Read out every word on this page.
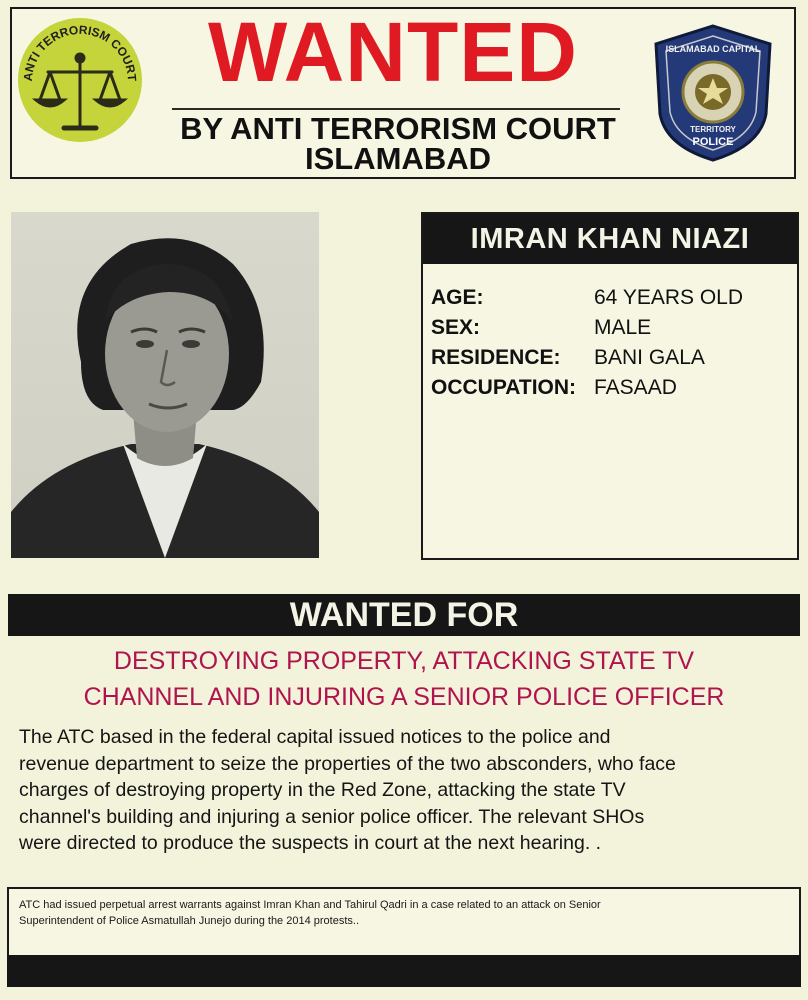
ANTI TERRORISM COURT WANTED
BY ANTI TERRORISM COURT
ISLAMABAD
ISLAMABAD CAPITAL
TERRITORY
POLICE
IMRAN KHAN NIAZI
AGE:	64 YEARS OLD
SEX:	MALE
RESIDENCE: BANI GALA
OCCUPATION: FASAAD
WANTED FOR
DESTROYING PROPERTY, ATTACKING STATE TV
CHANNEL AND INJURING A SENIOR POLICE OFFICER
The ATC based in the federal capital issued notices to the police and
revenue department to seize the properties of the two absconders, who face
charges of destroying property in the Red Zone, attacking the state TV
channel's building and injuring a senior police officer. The relevant SHOs
were directed to produce the suspects in court at the next hearing. .
ATC had issued perpetual arrest warrants against Imran Khan and Tahirul Qadri in a case related to an attack on Senior
Superintendent of Police Asmatullah Junejo during the 2014 protests..
